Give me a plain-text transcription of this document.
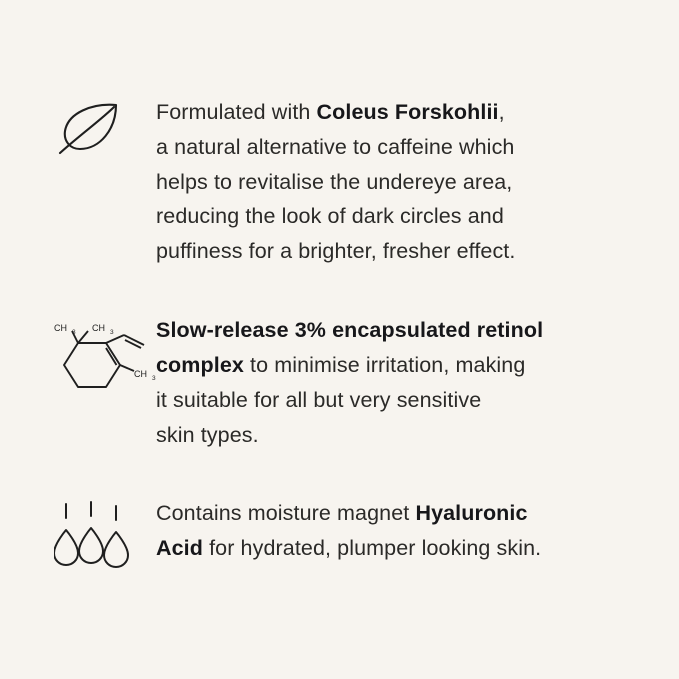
Formulated with Coleus Forskohlii,
a natural alternative to caffeine which
helps to revitalise the undereye area,
reducing the look of dark circles and
puffiness for a brighter, fresher effect.
CH 3 CH 3
CH 3
Slow-release 3% encapsulated retinol
complex to minimise irritation, making
it suitable for all but very sensitive
skin types.
Contains moisture magnet Hyaluronic
Acid for hydrated, plumper looking skin.
